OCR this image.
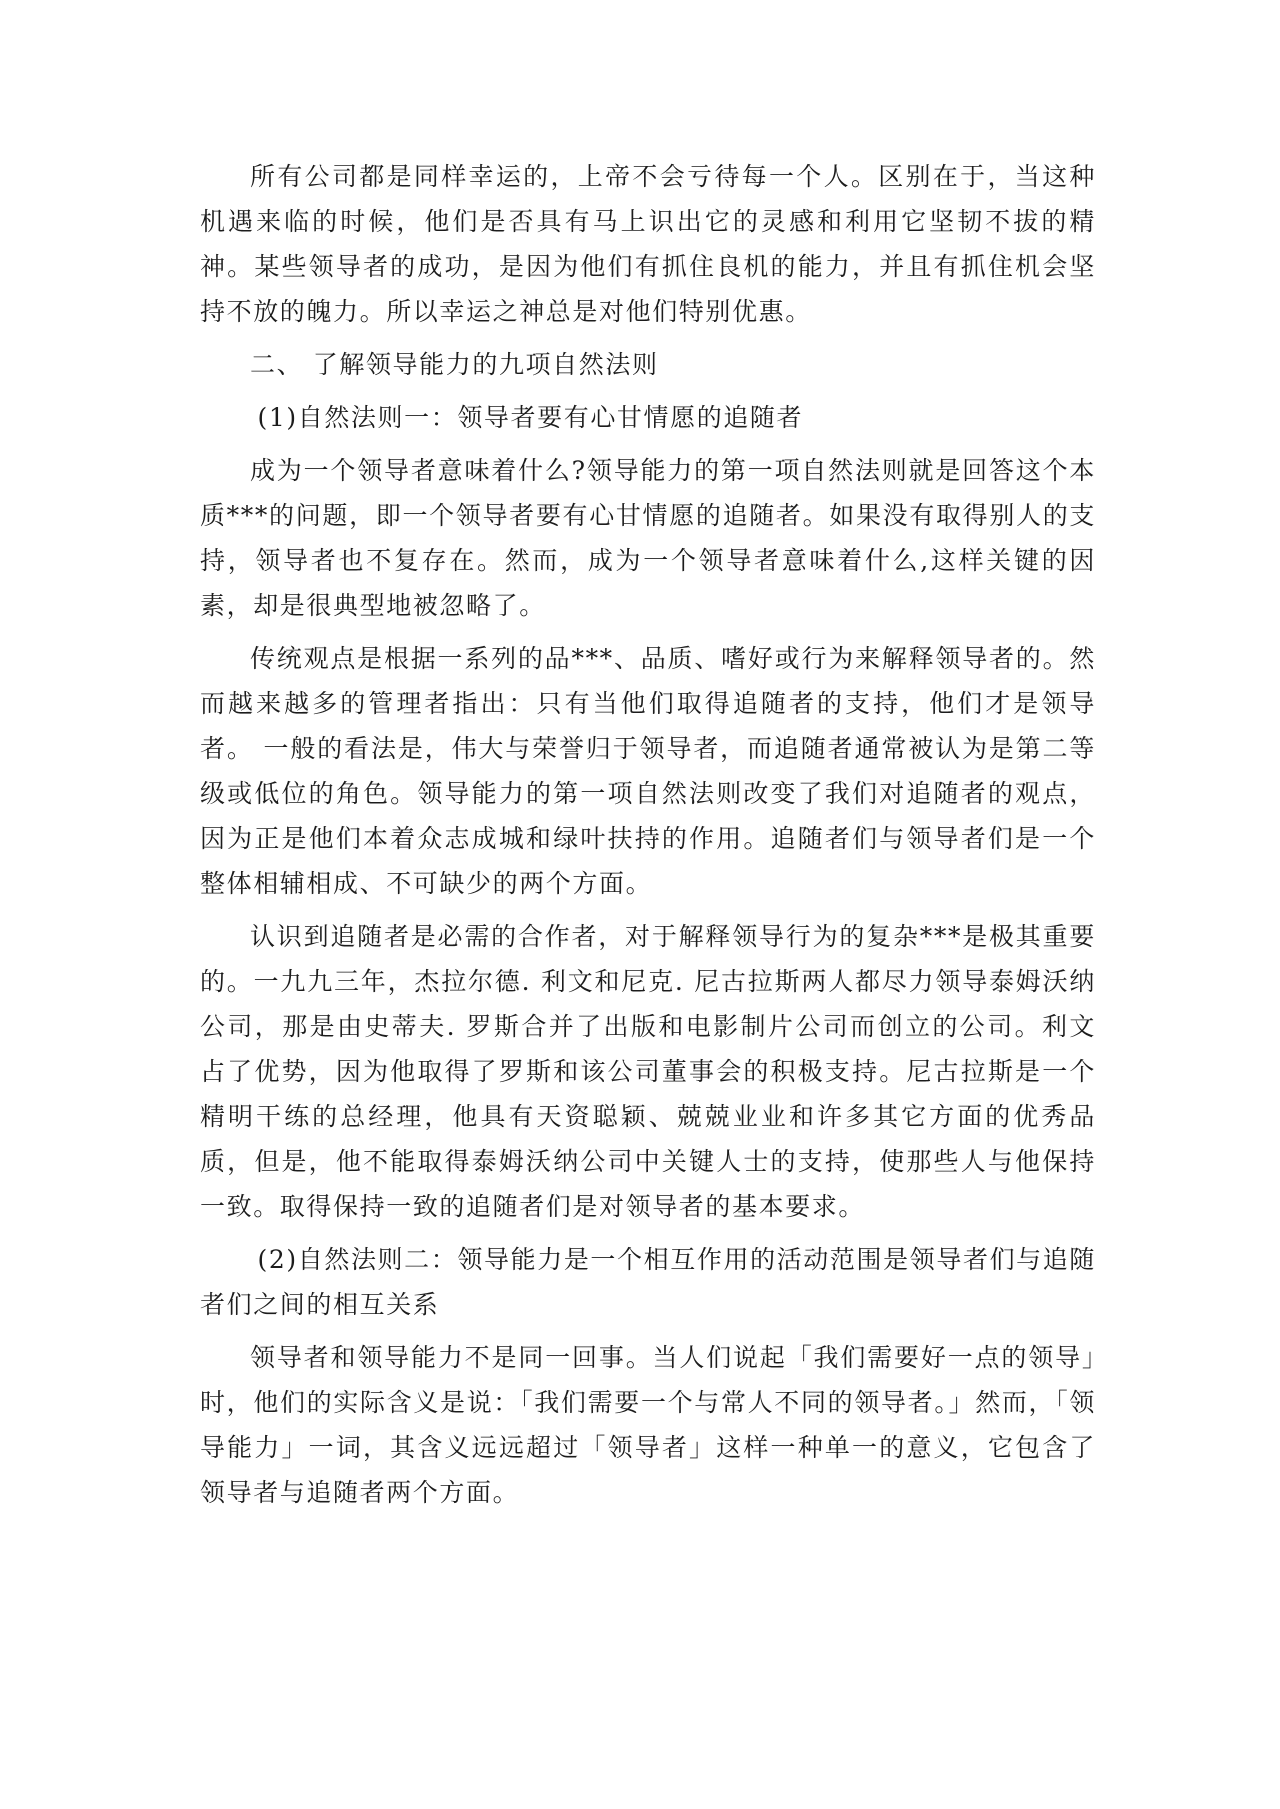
所有公司都是同样幸运的，上帝不会亏待每一个人。区别在于，当这种机遇来临的时候，他们是否具有马上识出它的灵感和利用它坚韧不拔的精神。某些领导者的成功，是因为他们有抓住良机的能力，并且有抓住机会坚持不放的魄力。所以幸运之神总是对他们特别优惠。

二、 了解领导能力的九项自然法则

(1)自然法则一：领导者要有心甘情愿的追随者

成为一个领导者意味着什么?领导能力的第一项自然法则就是回答这个本质***的问题，即一个领导者要有心甘情愿的追随者。如果没有取得别人的支持，领导者也不复存在。然而，成为一个领导者意味着什么,这样关键的因素，却是很典型地被忽略了。

传统观点是根据一系列的品***、品质、嗜好或行为来解释领导者的。然而越来越多的管理者指出：只有当他们取得追随者的支持，他们才是领导者。 一般的看法是，伟大与荣誉归于领导者，而追随者通常被认为是第二等级或低位的角色。领导能力的第一项自然法则改变了我们对追随者的观点，因为正是他们本着众志成城和绿叶扶持的作用。追随者们与领导者们是一个整体相辅相成、不可缺少的两个方面。

认识到追随者是必需的合作者，对于解释领导行为的复杂***是极其重要的。一九九三年，杰拉尔德. 利文和尼克. 尼古拉斯两人都尽力领导泰姆沃纳公司，那是由史蒂夫. 罗斯合并了出版和电影制片公司而创立的公司。利文占了优势，因为他取得了罗斯和该公司董事会的积极支持。尼古拉斯是一个精明干练的总经理，他具有天资聪颖、兢兢业业和许多其它方面的优秀品质，但是，他不能取得泰姆沃纳公司中关键人士的支持，使那些人与他保持一致。取得保持一致的追随者们是对领导者的基本要求。

(2)自然法则二：领导能力是一个相互作用的活动范围是领导者们与追随者们之间的相互关系

领导者和领导能力不是同一回事。当人们说起「我们需要好一点的领导」时，他们的实际含义是说：「我们需要一个与常人不同的领导者。」然而，「领导能力」一词，其含义远远超过「领导者」这样一种单一的意义，它包含了领导者与追随者两个方面。
